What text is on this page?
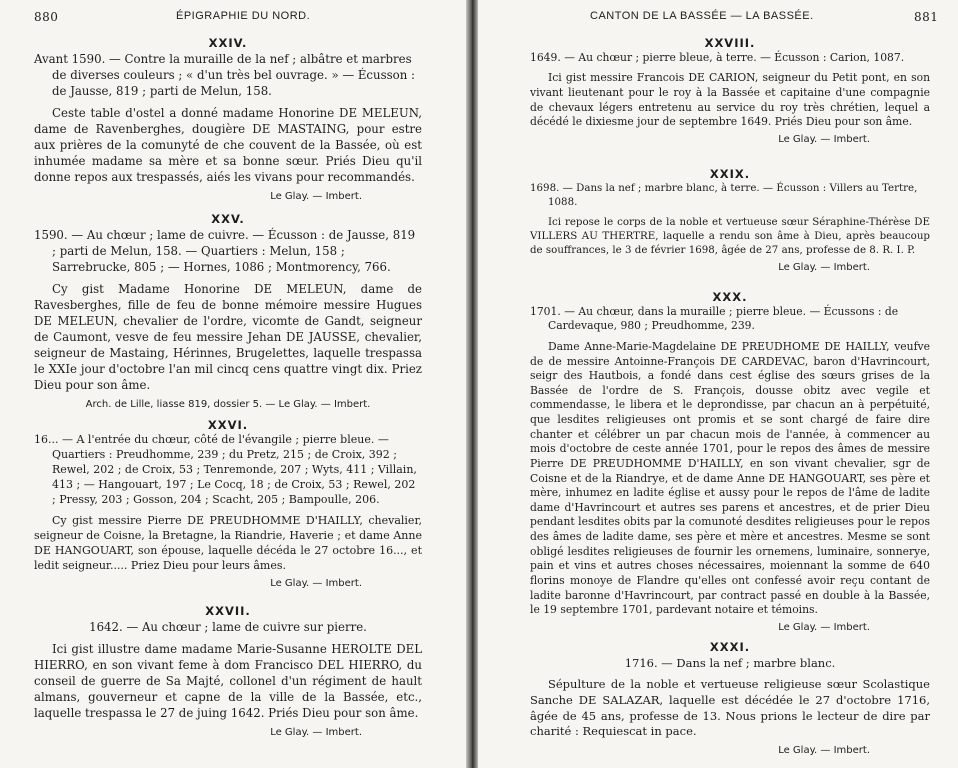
880	ÉPIGRAPHIE DU NORD.
XXIV.
Avant 1590. — Contre la muraille de la nef ; albâtre et marbres de diverses couleurs ; « d'un très bel ouvrage. » — Écusson : de Jausse, 819 ; parti de Melun, 158.
Ceste table d'ostel a donné madame Honorine DE MELEUN, dame de Ravenberghes, dougière DE MASTAING, pour estre aux prières de la comunyté de che couvent de la Bassée, où est inhumée madame sa mère et sa bonne sœur. Priés Dieu qu'il donne repos aux trespassés, aiés les vivans pour recommandés.
Le Glay. — Imbert.
XXV.
1590. — Au chœur ; lame de cuivre. — Écusson : de Jausse, 819 ; parti de Melun, 158. — Quartiers : Melun, 158 ; Sarrebrucke, 805 ; — Hornes, 1086 ; Montmorency, 766.
Cy gist Madame Honorine DE MELEUN, dame de Ravesberghes, fille de feu de bonne mémoire messire Hugues DE MELEUN, chevalier de l'ordre, vicomte de Gandt, seigneur de Caumont, vesve de feu messire Jehan DE JAUSSE, chevalier, seigneur de Mastaing, Hérinnes, Brugelettes, laquelle trespassa le XXIe jour d'octobre l'an mil cincq cens quattre vingt dix. Priez Dieu pour son âme.
Arch. de Lille, liasse 819, dossier 5. — Le Glay. — Imbert.
XXVI.
16... — A l'entrée du chœur, côté de l'évangile ; pierre bleue. — Quartiers : Preudhomme, 239 ; du Pretz, 215 ; de Croix, 392 ; Rewel, 202 ; de Croix, 53 ; Tenremonde, 207 ; Wyts, 411 ; Villain, 413 ; — Hangouart, 197 ; Le Cocq, 18 ; de Croix, 53 ; Rewel, 202 ; Pressy, 203 ; Gosson, 204 ; Scacht, 205 ; Bampoulle, 206.
Cy gist messire Pierre DE PREUDHOMME D'HAILLY, chevalier, seigneur de Coisne, la Bretagne, la Riandrie, Haverie ; et dame Anne DE HANGOUART, son épouse, laquelle décéda le 27 octobre 16..., et ledit seigneur..... Priez Dieu pour leurs âmes.
Le Glay. — Imbert.
XXVII.
1642. — Au chœur ; lame de cuivre sur pierre.
Ici gist illustre dame madame Marie-Susanne HEROLTE DEL HIERRO, en son vivant feme à dom Francisco DEL HIERRO, du conseil de guerre de Sa Majté, collonel d'un régiment de hault almans, gouverneur et capne de la ville de la Bassée, etc., laquelle trespassa le 27 de juing 1642. Priés Dieu pour son âme.
Le Glay. — Imbert.
CANTON DE LA BASSÉE — LA BASSÉE.	881
XXVIII.
1649. — Au chœur ; pierre bleue, à terre. — Écusson : Carion, 1087.
Ici gist messire Francois DE CARION, seigneur du Petit pont, en son vivant lieutenant pour le roy à la Bassée et capitaine d'une compagnie de chevaux légers entretenu au service du roy très chrétien, lequel a décédé le dixiesme jour de septembre 1649. Priés Dieu pour son âme.
Le Glay. — Imbert.
XXIX.
1698. — Dans la nef ; marbre blanc, à terre. — Écusson : Villers au Tertre, 1088.
Ici repose le corps de la noble et vertueuse sœur Séraphine-Thérèse DE VILLERS AU THERTRE, laquelle a rendu son âme à Dieu, après beaucoup de souffrances, le 3 de février 1698, âgée de 27 ans, professe de 8. R. I. P.
Le Glay. — Imbert.
XXX.
1701. — Au chœur, dans la muraille ; pierre bleue. — Écussons : de Cardevaque, 980 ; Preudhomme, 239.
Dame Anne-Marie-Magdelaine DE PREUDHOME DE HAILLY, veufve de de messire Antoinne-François DE CARDEVAC, baron d'Havrincourt, seigr des Hautbois, a fondé dans cest église des sœurs grises de la Bassée de l'ordre de S. François, dousse obitz avec vegile et commendasse, le libera et le deprondisse, par chacun an à perpétuité, que lesdites religieuses ont promis et se sont chargé de faire dire chanter et célébrer un par chacun mois de l'année, à commencer au mois d'octobre de ceste année 1701, pour le repos des âmes de messire Pierre DE PREUDHOMME D'HAILLY, en son vivant chevalier, sgr de Coisne et de la Riandrye, et de dame Anne DE HANGOUART, ses père et mère, inhumez en ladite église et aussy pour le repos de l'âme de ladite dame d'Havrincourt et autres ses parens et ancestres, et de prier Dieu pendant lesdites obits par la comunoté desdites religieuses pour le repos des âmes de ladite dame, ses père et mère et ancestres. Mesme se sont obligé lesdites religieuses de fournir les ornemens, luminaire, sonnerye, pain et vins et autres choses nécessaires, moiennant la somme de 640 florins monoye de Flandre qu'elles ont confessé avoir reçu contant de ladite baronne d'Havrincourt, par contract passé en double à la Bassée, le 19 septembre 1701, pardevant notaire et témoins.
Le Glay. — Imbert.
XXXI.
1716. — Dans la nef ; marbre blanc.
Sépulture de la noble et vertueuse religieuse sœur Scolastique Sanche DE SALAZAR, laquelle est décédée le 27 d'octobre 1716, âgée de 45 ans, professe de 13. Nous prions le lecteur de dire par charité : Requiescat in pace.
Le Glay. — Imbert.
